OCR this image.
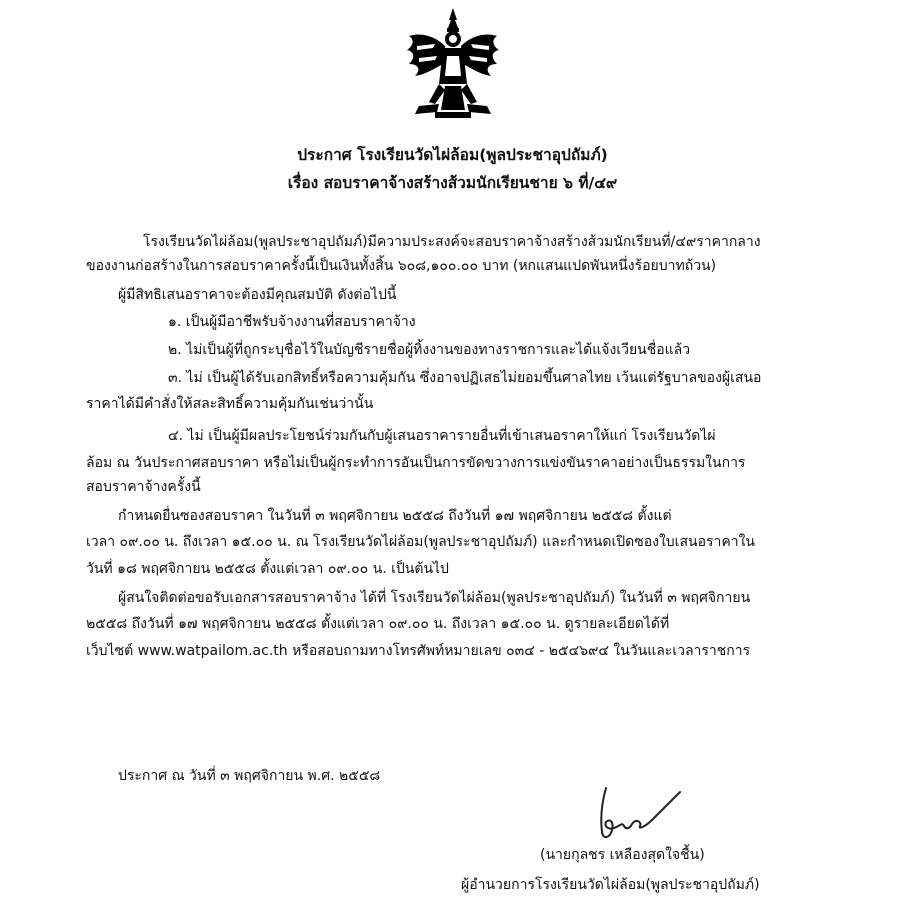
ประกาศ โรงเรียนวัดไผ่ล้อม(พูลประชาอุปถัมภ์)
เรื่อง สอบราคาจ้างสร้างส้วมนักเรียนชาย ๖ ที่/๔๙
โรงเรียนวัดไผ่ล้อม(พูลประชาอุปถัมภ์)มีความประสงค์จะสอบราคาจ้างสร้างส้วมนักเรียนที่/๔๙ราคากลาง
ของงานก่อสร้างในการสอบราคาครั้งนี้เป็นเงินทั้งสิ้น ๖๐๘,๑๐๐.๐๐ บาท (หกแสนแปดพันหนึ่งร้อยบาทถ้วน)
ผู้มีสิทธิเสนอราคาจะต้องมีคุณสมบัติ ดังต่อไปนี้
๑. เป็นผู้มีอาชีพรับจ้างงานที่สอบราคาจ้าง
๒. ไม่เป็นผู้ที่ถูกระบุชื่อไว้ในบัญชีรายชื่อผู้ทิ้งงานของทางราชการและได้แจ้งเวียนชื่อแล้ว
๓. ไม่ เป็นผู้ได้รับเอกสิทธิ์หรือความคุ้มกัน ซึ่งอาจปฏิเสธไม่ยอมขึ้นศาลไทย เว้นแต่รัฐบาลของผู้เสนอ
ราคาได้มีคำสั่งให้สละสิทธิ์ความคุ้มกันเช่นว่านั้น
๔. ไม่ เป็นผู้มีผลประโยชน์ร่วมกันกับผู้เสนอราคารายอื่นที่เข้าเสนอราคาให้แก่ โรงเรียนวัดไผ่
ล้อม ณ วันประกาศสอบราคา หรือไม่เป็นผู้กระทำการอันเป็นการขัดขวางการแข่งขันราคาอย่างเป็นธรรมในการ
สอบราคาจ้างครั้งนี้
กำหนดยื่นซองสอบราคา ในวันที่ ๓ พฤศจิกายน ๒๕๕๘ ถึงวันที่ ๑๗ พฤศจิกายน ๒๕๕๘ ตั้งแต่
เวลา ๐๙.๐๐ น. ถึงเวลา ๑๕.๐๐ น. ณ โรงเรียนวัดไผ่ล้อม(พูลประชาอุปถัมภ์) และกำหนดเปิดซองใบเสนอราคาใน
วันที่ ๑๘ พฤศจิกายน ๒๕๕๘ ตั้งแต่เวลา ๐๙.๐๐ น. เป็นต้นไป
ผู้สนใจติดต่อขอรับเอกสารสอบราคาจ้าง ได้ที่ โรงเรียนวัดไผ่ล้อม(พูลประชาอุปถัมภ์) ในวันที่ ๓ พฤศจิกายน
๒๕๕๘ ถึงวันที่ ๑๗ พฤศจิกายน ๒๕๕๘ ตั้งแต่เวลา ๐๙.๐๐ น. ถึงเวลา ๑๕.๐๐ น. ดูรายละเอียดได้ที่
เว็บไซต์ www.watpailom.ac.th หรือสอบถามทางโทรศัพท์หมายเลข ๐๓๔ - ๒๕๔๖๙๔ ในวันและเวลาราชการ
ประกาศ ณ วันที่ ๓ พฤศจิกายน พ.ศ. ๒๕๕๘
(นายกุลชร เหลืองสุดใจชื้น)
ผู้อำนวยการโรงเรียนวัดไผ่ล้อม(พูลประชาอุปถัมภ์)
